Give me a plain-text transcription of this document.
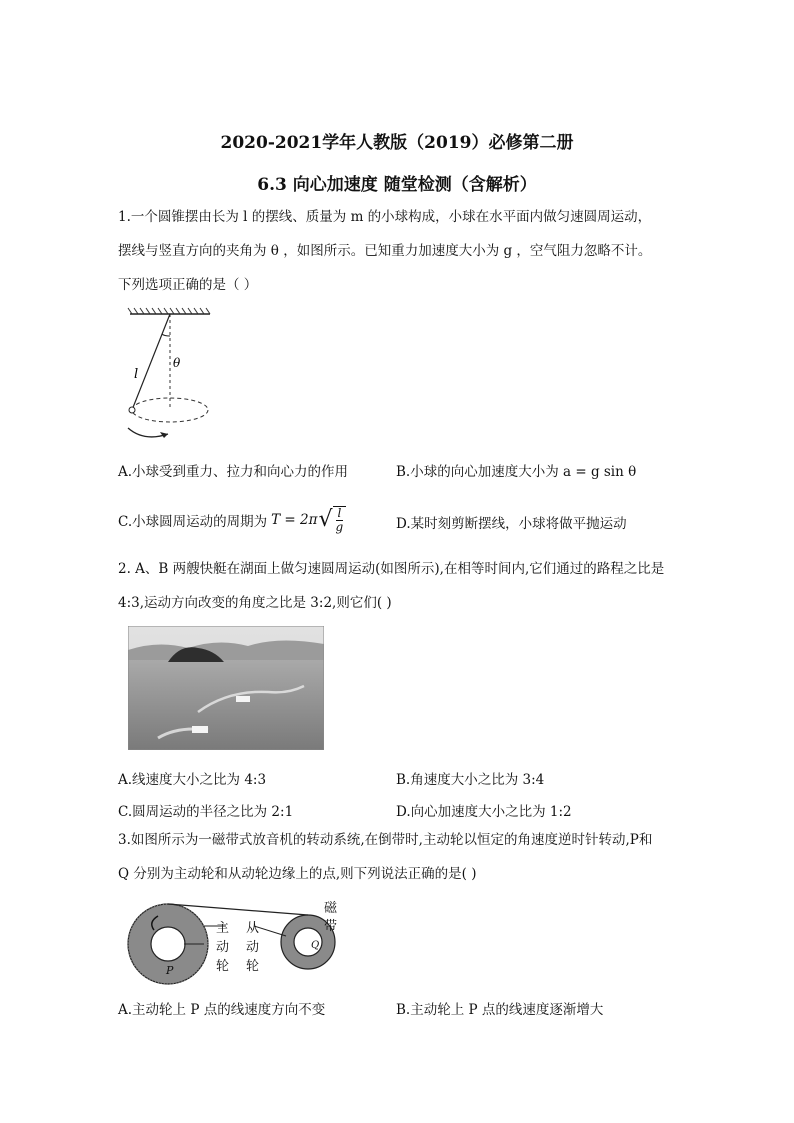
2020-2021学年人教版（2019）必修第二册
6.3 向心加速度 随堂检测（含解析）
1.一个圆锥摆由长为 l 的摆线、质量为 m 的小球构成，小球在水平面内做匀速圆周运动，
摆线与竖直方向的夹角为 θ ，如图所示。已知重力加速度大小为 g ，空气阻力忽略不计。
下列选项正确的是（ ）
l
θ
A.小球受到重力、拉力和向心力的作用	B.小球的向心加速度大小为 a = g sin θ
C.小球圆周运动的周期为 T = 2π √ $\frac{l}{g}$	D.某时刻剪断摆线，小球将做平抛运动
2. A、B 两艘快艇在湖面上做匀速圆周运动(如图所示),在相等时间内,它们通过的路程之比是
4:3,运动方向改变的角度之比是 3:2,则它们( )
A.线速度大小之比为 4:3	B.角速度大小之比为 3:4
C.圆周运动的半径之比为 2:1	D.向心加速度大小之比为 1:2
3.如图所示为一磁带式放音机的转动系统,在倒带时,主动轮以恒定的角速度逆时针转动,P和
Q 分别为主动轮和从动轮边缘上的点,则下列说法正确的是( )
主
动
轮
从
动
轮
磁
带
P
Q
A.主动轮上 P 点的线速度方向不变	B.主动轮上 P 点的线速度逐渐增大
